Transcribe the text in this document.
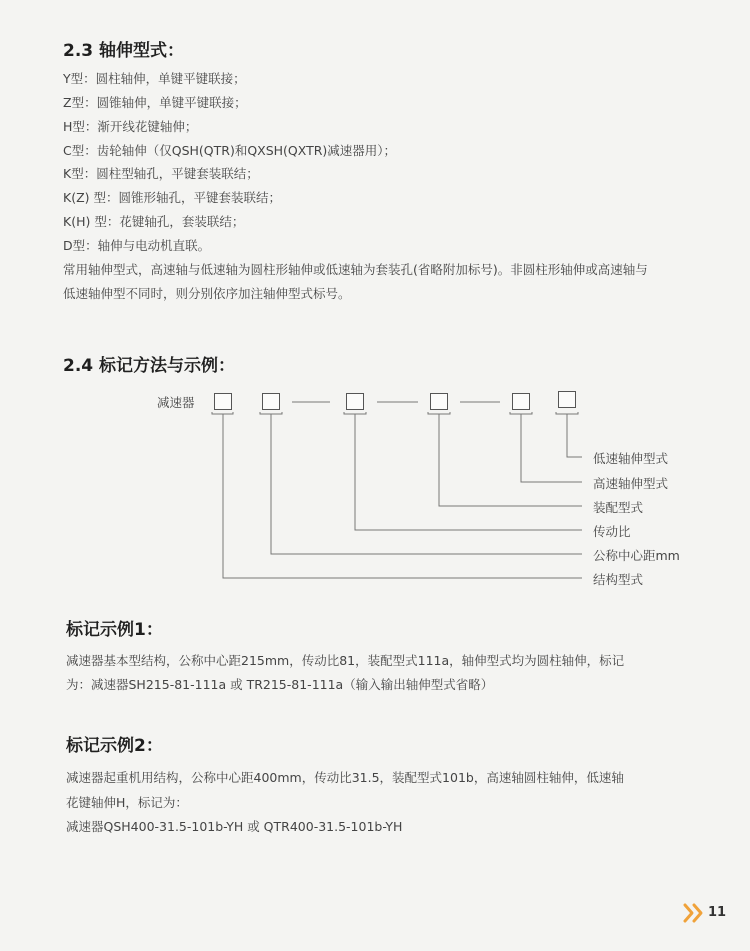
2.3 轴伸型式：
Y型：圆柱轴伸，单键平键联接；
Z型：圆锥轴伸，单键平键联接；
H型：渐开线花键轴伸；
C型：齿轮轴伸（仅QSH(QTR)和QXSH(QXTR)减速器用）；
K型：圆柱型轴孔，平键套装联结；
K(Z) 型：圆锥形轴孔，平键套装联结；
K(H) 型：花键轴孔，套装联结；
D型：轴伸与电动机直联。
常用轴伸型式，高速轴与低速轴为圆柱形轴伸或低速轴为套装孔(省略附加标号)。非圆柱形轴伸或高速轴与
低速轴伸型不同时，则分别依序加注轴伸型式标号。
2.4 标记方法与示例：
减速器
低速轴伸型式
高速轴伸型式
装配型式
传动比
公称中心距mm
结构型式
标记示例1：
减速器基本型结构，公称中心距215mm，传动比81，装配型式111a，轴伸型式均为圆柱轴伸，标记
为：减速器SH215-81-111a 或 TR215-81-111a（输入输出轴伸型式省略）
标记示例2：
减速器起重机用结构，公称中心距400mm，传动比31.5，装配型式101b，高速轴圆柱轴伸，低速轴
花键轴伸H，标记为：
减速器QSH400-31.5-101b-YH 或 QTR400-31.5-101b-YH
11
